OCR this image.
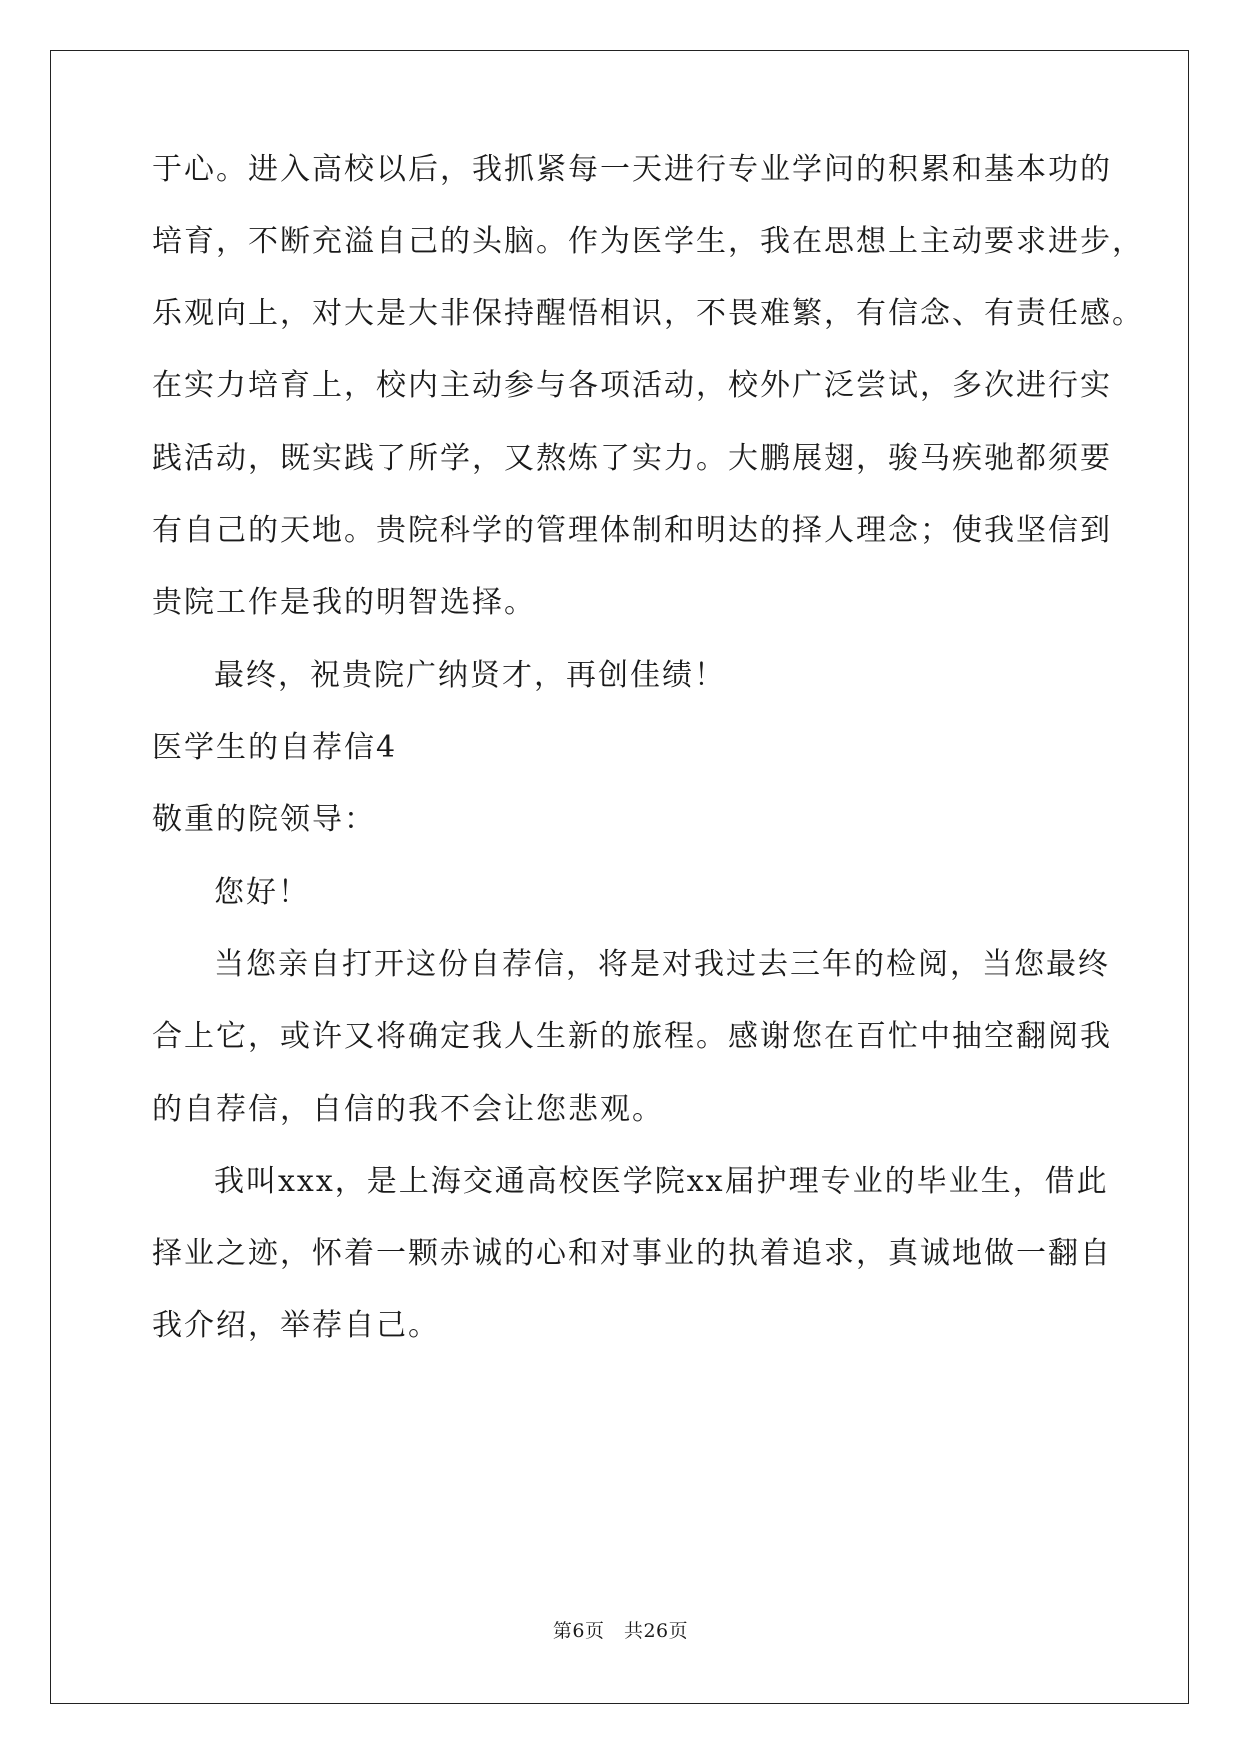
于心。进入高校以后，我抓紧每一天进行专业学问的积累和基本功的
培育，不断充溢自己的头脑。作为医学生，我在思想上主动要求进步，
乐观向上，对大是大非保持醒悟相识，不畏难繁，有信念、有责任感。
在实力培育上，校内主动参与各项活动，校外广泛尝试，多次进行实
践活动，既实践了所学，又熬炼了实力。大鹏展翅，骏马疾驰都须要
有自己的天地。贵院科学的管理体制和明达的择人理念；使我坚信到
贵院工作是我的明智选择。
最终，祝贵院广纳贤才，再创佳绩！
医学生的自荐信4
敬重的院领导：
您好！
当您亲自打开这份自荐信，将是对我过去三年的检阅，当您最终
合上它，或许又将确定我人生新的旅程。感谢您在百忙中抽空翻阅我
的自荐信，自信的我不会让您悲观。
我叫xxx，是上海交通高校医学院xx届护理专业的毕业生，借此
择业之迹，怀着一颗赤诚的心和对事业的执着追求，真诚地做一翻自
我介绍，举荐自己。
第6页　共26页
